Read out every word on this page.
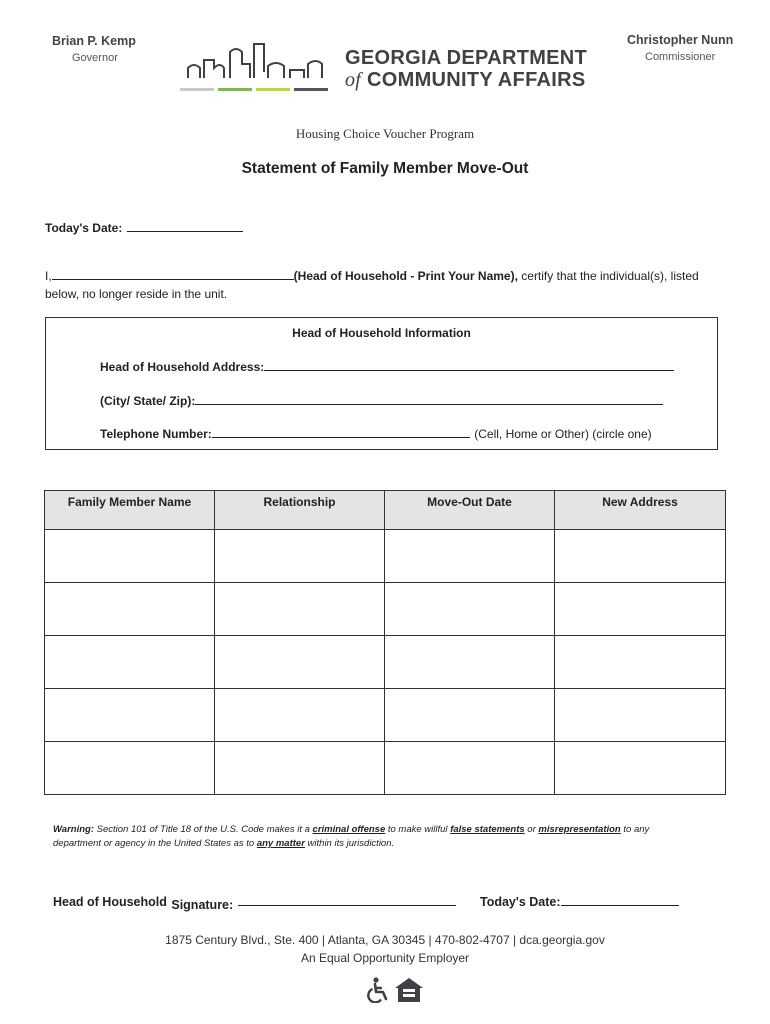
Brian P. Kemp
Governor
Christopher Nunn
Commissioner
GEORGIA DEPARTMENT
of COMMUNITY AFFAIRS
Housing Choice Voucher Program
Statement of Family Member Move-Out
Today's Date:
I,	(Head of Household - Print Your Name), certify that the individual(s), listed
below, no longer reside in the unit.
Head of Household Information
Head of Household Address:
(City/ State/ Zip):
Telephone Number:	(Cell, Home or Other) (circle one)
Family Member Name	Relationship	Move-Out Date	New Address

Warning: Section 101 of Title 18 of the U.S. Code makes it a criminal offense to make willful false statements or misrepresentation to any
department or agency in the United States as to any matter within its jurisdiction.
Head of Household Signature:	Today's Date:
1875 Century Blvd., Ste. 400 | Atlanta, GA 30345 | 470-802-4707 | dca.georgia.gov
An Equal Opportunity Employer
